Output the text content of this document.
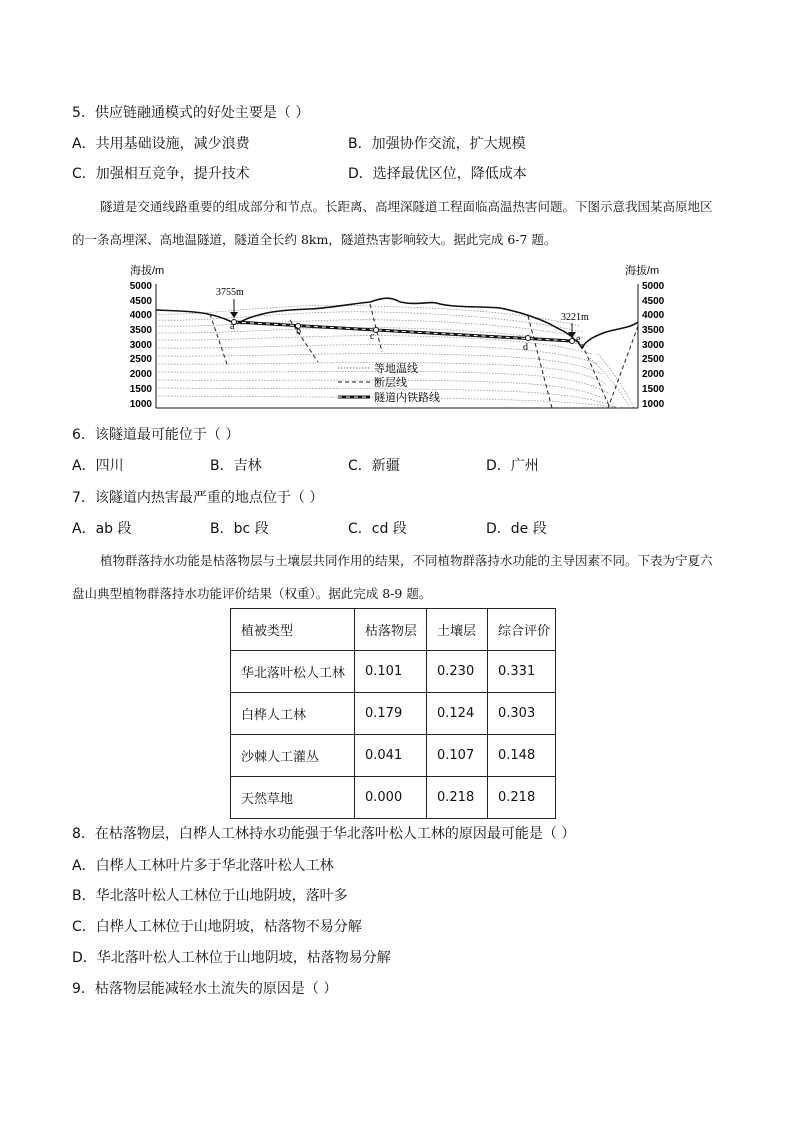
5．供应链融通模式的好处主要是（ ）
A．共用基础设施，减少浪费	B．加强协作交流，扩大规模
C．加强相互竞争，提升技术	D．选择最优区位，降低成本
隧道是交通线路重要的组成部分和节点。长距离、高埋深隧道工程面临高温热害问题。下图示意我国某高原地区的一条高埋深、高地温隧道，隧道全长约 8km，隧道热害影响较大。据此完成 6-7 题。
海拔/m	海拔/m
5000
4500
4000
3500
3000
2500
2000
1500
1000
5000
4500
4000
3500
3000
2500
2000
1500
1000
a	b	c
d
e
3755m
3221m
等地温线
断层线
隧道内铁路线
6．该隧道最可能位于（ ）
A．四川	B．吉林	C．新疆	D．广州
7．该隧道内热害最严重的地点位于（ ）
A．ab 段	B．bc 段	C．cd 段	D．de 段
植物群落持水功能是枯落物层与土壤层共同作用的结果，不同植物群落持水功能的主导因素不同。下表为宁夏六盘山典型植物群落持水功能评价结果（权重）。据此完成 8-9 题。
植被类型	枯落物层	土壤层	综合评价
华北落叶松人工林	0.101	0.230	0.331
白桦人工林	0.179	0.124	0.303
沙棘人工灌丛	0.041	0.107	0.148
天然草地	0.000	0.218	0.218
8．在枯落物层，白桦人工林持水功能强于华北落叶松人工林的原因最可能是（ ）
A．白桦人工林叶片多于华北落叶松人工林
B．华北落叶松人工林位于山地阴坡，落叶多
C．白桦人工林位于山地阴坡，枯落物不易分解
D．华北落叶松人工林位于山地阴坡，枯落物易分解
9．枯落物层能减轻水土流失的原因是（ ）
